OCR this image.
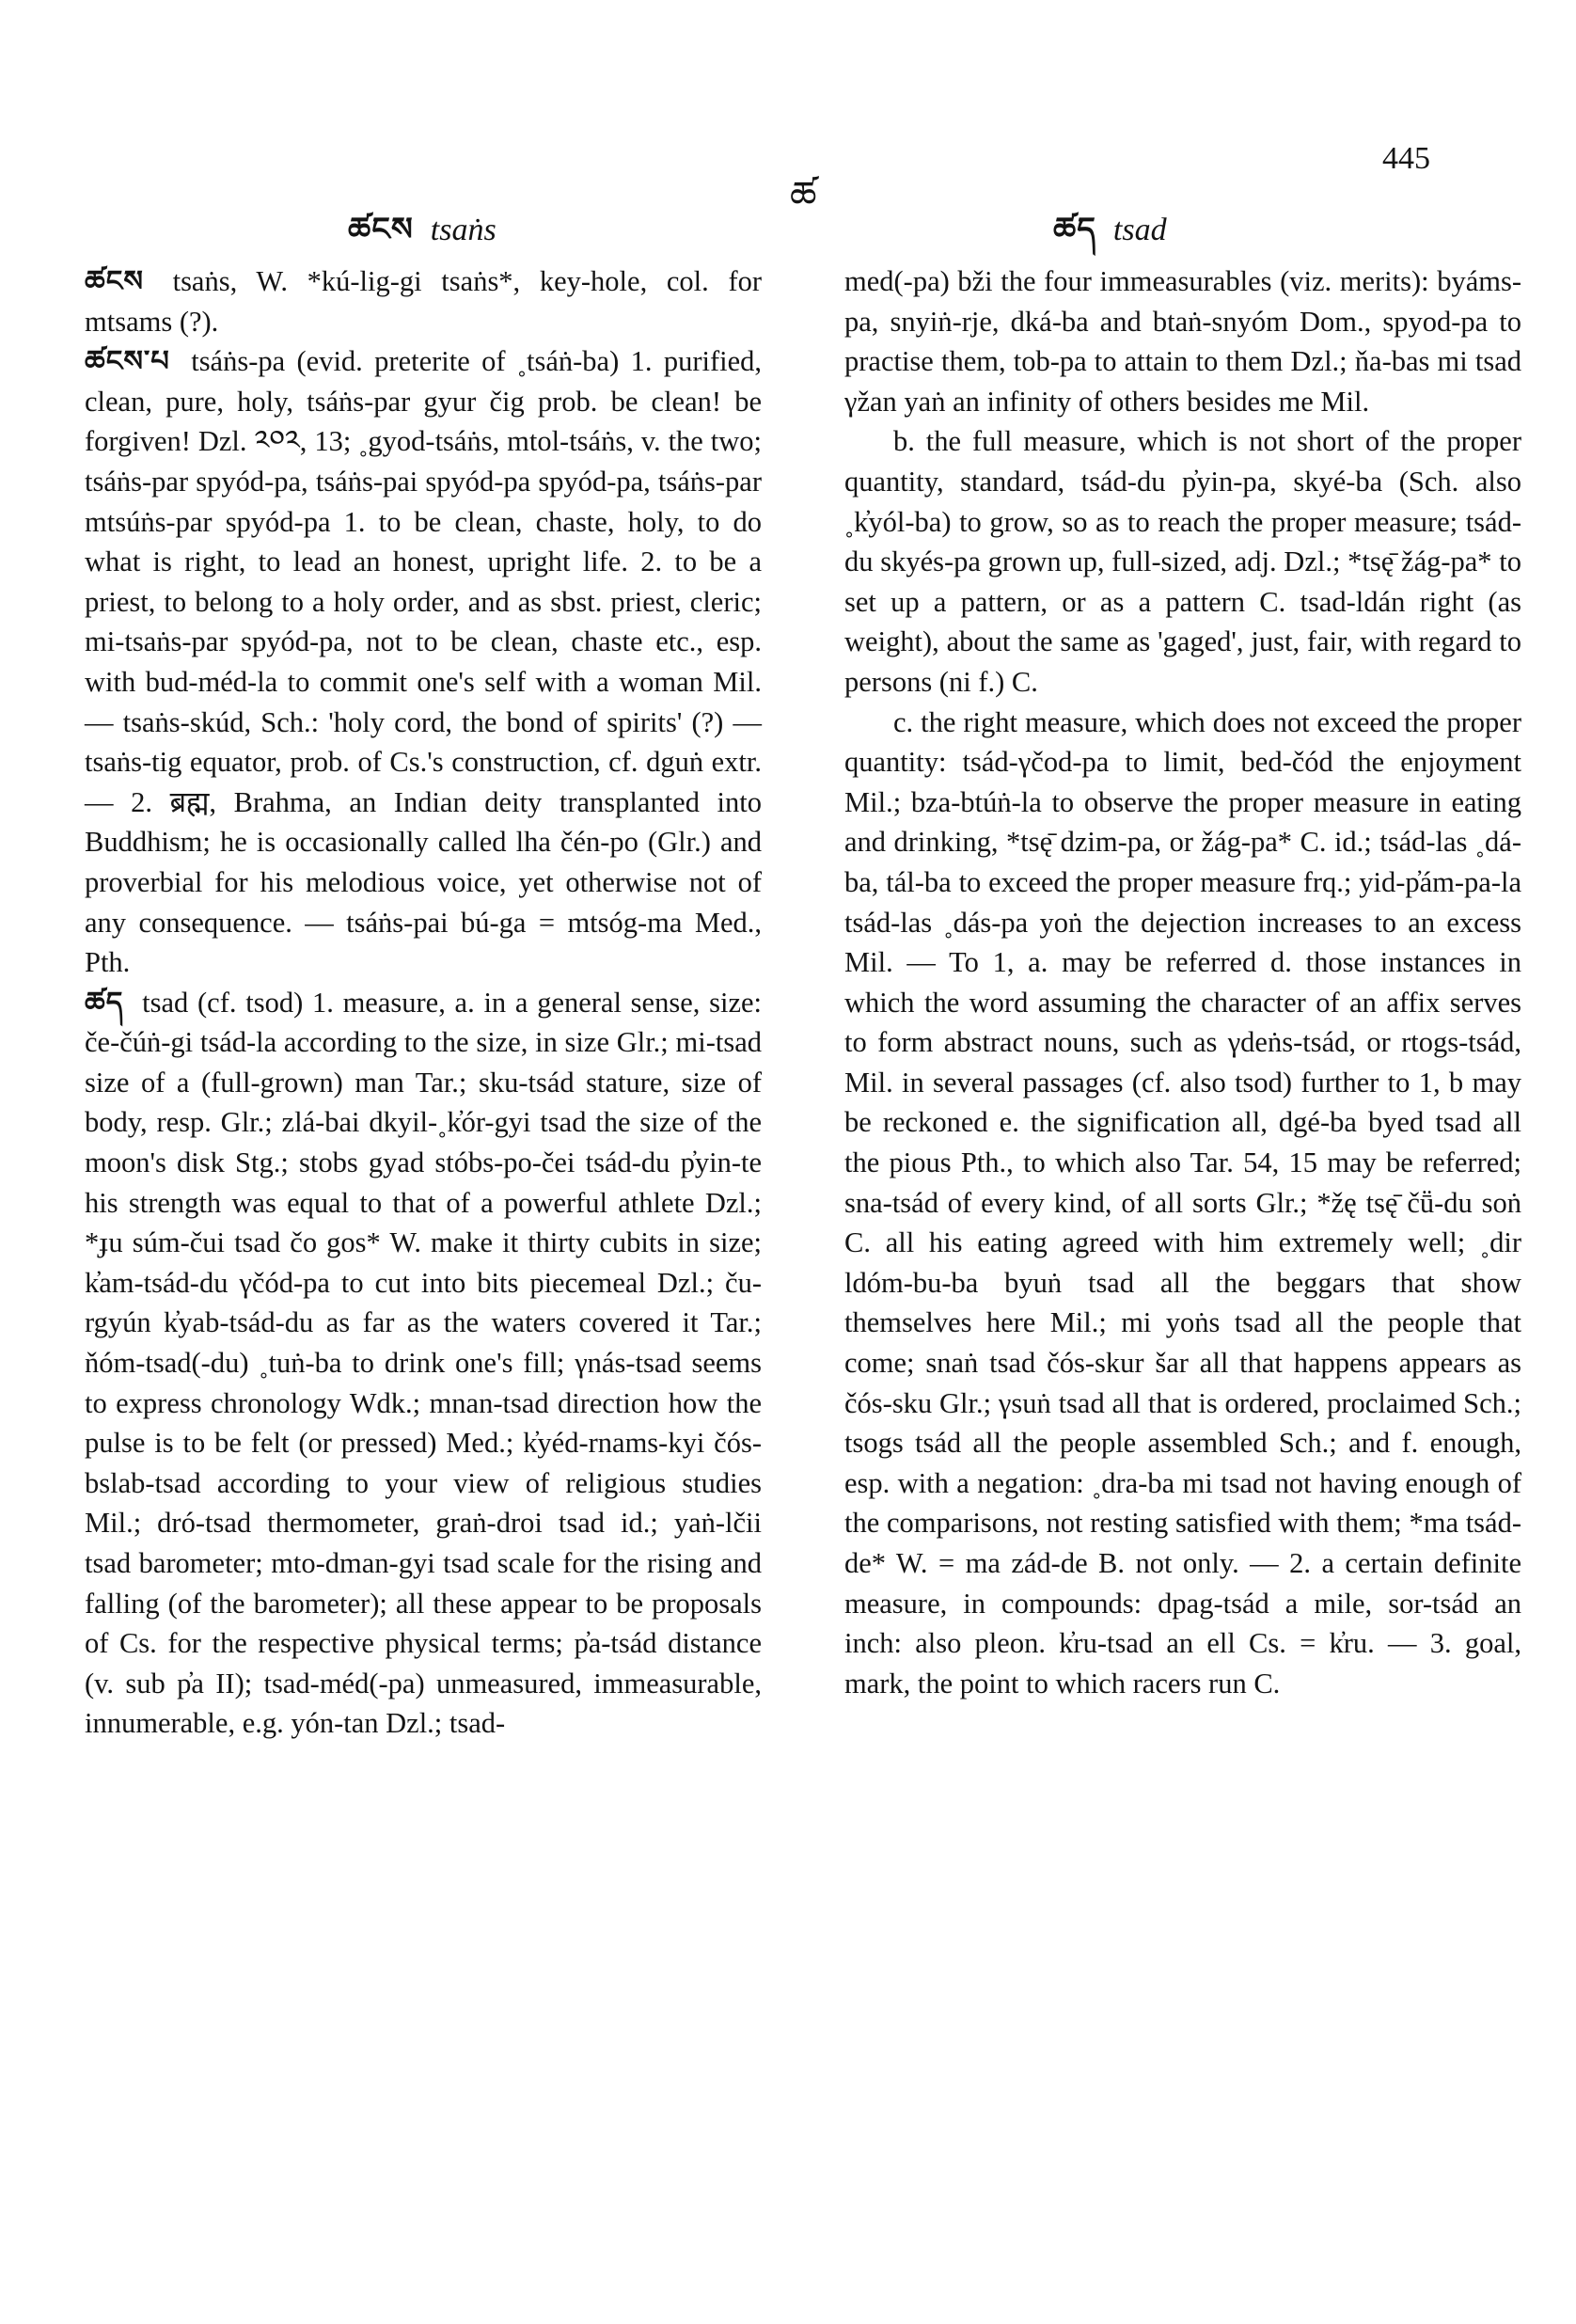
445
ཚ
ཚངས tsaṅs	ཚད tsad

ཚངས tsaṅs, W. *kú-lig-gi tsaṅs*, key-hole, col. for mtsams (?).

ཚངས་པ tsáṅs-pa (evid. preterite of ˳tsáṅ-ba) 1. purified, clean, pure, holy, tsáṅs-par gyur čig prob. be clean! be forgiven! Dzl. ༢༠༢, 13; ˳gyod-tsáṅs, mtol-tsáṅs, v. the two; tsáṅs-par spyód-pa, tsáṅs-pai spyód-pa spyód-pa, tsáṅs-par mtsúṅs-par spyód-pa 1. to be clean, chaste, holy, to do what is right, to lead an honest, upright life. 2. to be a priest, to belong to a holy order, and as sbst. priest, cleric; mi-tsaṅs-par spyód-pa, not to be clean, chaste etc., esp. with bud-méd-la to commit one's self with a woman Mil. — tsaṅs-skúd, Sch.: 'holy cord, the bond of spirits' (?) — tsaṅs-tig equator, prob. of Cs.'s construction, cf. dguṅ extr. — 2. ब्रह्म, Brahma, an Indian deity transplanted into Buddhism; he is occasionally called lha čén-po (Glr.) and proverbial for his melodious voice, yet otherwise not of any consequence. — tsáṅs-pai bú-ga = mtsóg-ma Med., Pth.

ཚད tsad (cf. tsod) 1. measure, a. in a general sense, size: če-čúṅ-gi tsád-la according to the size, in size Glr.; mi-tsad size of a (full-grown) man Tar.; sku-tsád stature, size of body, resp. Glr.; zlá-bai dkyil-˳k̓ór-gyi tsad the size of the moon's disk Stg.; stobs gyad stóbs-po-čei tsád-du p̓yin-te his strength was equal to that of a powerful athlete Dzl.; *ɟu súm-čui tsad čo gos* W. make it thirty cubits in size; k̓am-tsád-du γčód-pa to cut into bits piecemeal Dzl.; ču-rgyún k̓yab-tsád-du as far as the waters covered it Tar.; ňóm-tsad(-du) ˳tuṅ-ba to drink one's fill; γnás-tsad seems to express chronology Wdk.; mnan-tsad direction how the pulse is to be felt (or pressed) Med.; k̓yéd-rnams-kyi čós-bslab-tsad according to your view of religious studies Mil.; dró-tsad thermometer, graṅ-droi tsad id.; yaṅ-lčii tsad barometer; mto-dman-gyi tsad scale for the rising and falling (of the barometer); all these appear to be proposals of Cs. for the respective physical terms; p̓a-tsád distance (v. sub p̓a II); tsad-méd(-pa) unmeasured, immeasurable, innumerable, e.g. yón-tan Dzl.; tsad-

med(-pa) bži the four immeasurables (viz. merits): byáms-pa, snyiṅ-rje, dká-ba and btaṅ-snyóm Dom., spyod-pa to practise them, tob-pa to attain to them Dzl.; ňa-bas mi tsad γžan yaṅ an infinity of others besides me Mil.

b. the full measure, which is not short of the proper quantity, standard, tsád-du p̓yin-pa, skyé-ba (Sch. also ˳k̓yól-ba) to grow, so as to reach the proper measure; tsád-du skyés-pa grown up, full-sized, adj. Dzl.; *tsę̄ žág-pa* to set up a pattern, or as a pattern C. tsad-ldán right (as weight), about the same as 'gaged', just, fair, with regard to persons (ni f.) C.

c. the right measure, which does not exceed the proper quantity: tsád-γčod-pa to limit, bed-čód the enjoyment Mil.; bza-btúṅ-la to observe the proper measure in eating and drinking, *tsę̄ dzim-pa, or žág-pa* C. id.; tsád-las ˳dá-ba, tál-ba to exceed the proper measure frq.; yid-p̓ám-pa-la tsád-las ˳dás-pa yoṅ the dejection increases to an excess Mil. — To 1, a. may be referred d. those instances in which the word assuming the character of an affix serves to form abstract nouns, such as γdeṅs-tsád, or rtogs-tsád, Mil. in several passages (cf. also tsod) further to 1, b may be reckoned e. the signification all, dgé-ba byed tsad all the pious Pth., to which also Tar. 54, 15 may be referred; sna-tsád of every kind, of all sorts Glr.; *žę tsę̄ čṻ-du soṅ C. all his eating agreed with him extremely well; ˳dir ldóm-bu-ba byuṅ tsad all the beggars that show themselves here Mil.; mi yoṅs tsad all the people that come; snaṅ tsad čós-skur šar all that happens appears as čós-sku Glr.; γsuṅ tsad all that is ordered, proclaimed Sch.; tsogs tsád all the people assembled Sch.; and f. enough, esp. with a negation: ˳dra-ba mi tsad not having enough of the comparisons, not resting satisfied with them; *ma tsád-de* W. = ma zád-de B. not only. — 2. a certain definite measure, in compounds: dpag-tsád a mile, sor-tsád an inch: also pleon. k̓ru-tsad an ell Cs. = k̓ru. — 3. goal, mark, the point to which racers run C.
